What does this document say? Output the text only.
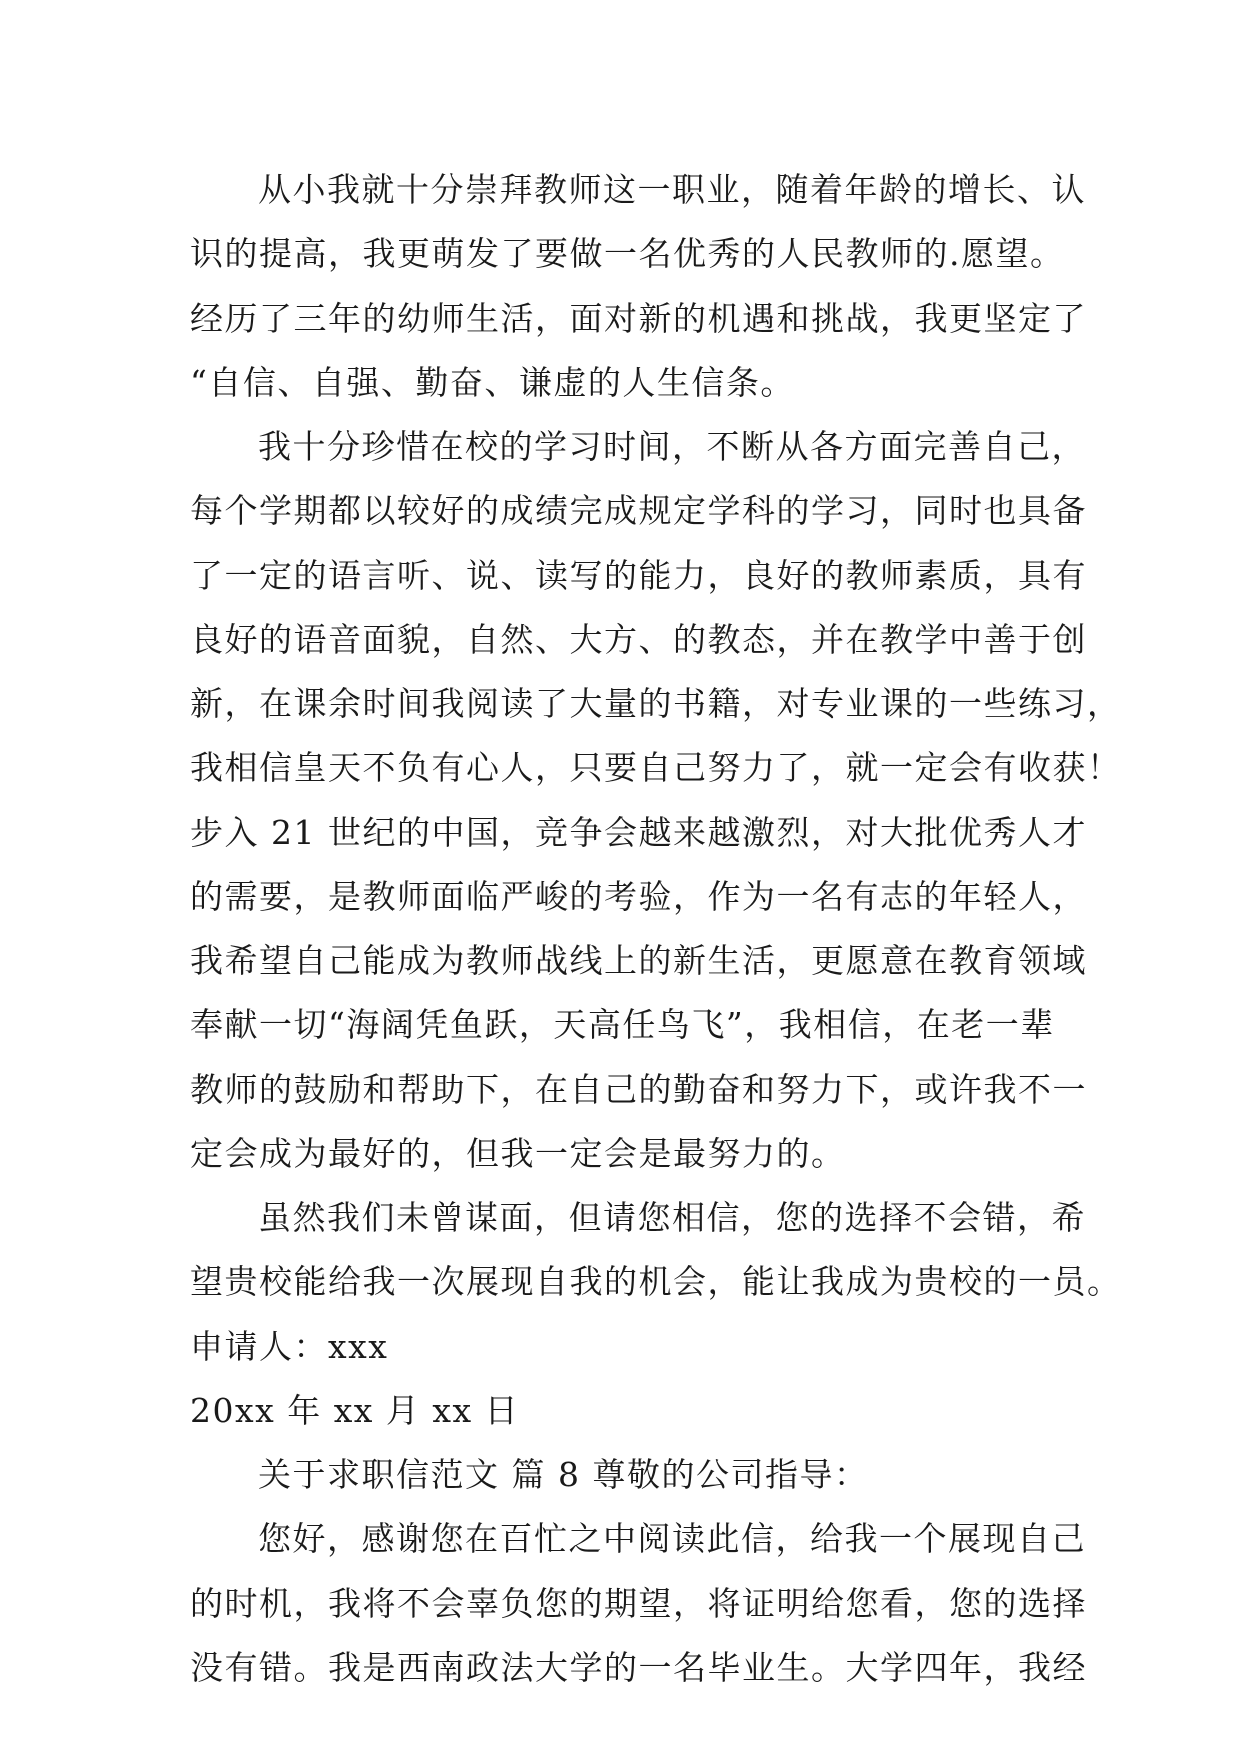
从小我就十分崇拜教师这一职业，随着年龄的增长、认
识的提高，我更萌发了要做一名优秀的人民教师的.愿望。
经历了三年的幼师生活，面对新的机遇和挑战，我更坚定了
“自信、自强、勤奋、谦虚的人生信条。
我十分珍惜在校的学习时间，不断从各方面完善自己，
每个学期都以较好的成绩完成规定学科的学习，同时也具备
了一定的语言听、说、读写的能力，良好的教师素质，具有
良好的语音面貌，自然、大方、的教态，并在教学中善于创
新，在课余时间我阅读了大量的书籍，对专业课的一些练习，
我相信皇天不负有心人，只要自己努力了，就一定会有收获！
步入 21 世纪的中国，竞争会越来越激烈，对大批优秀人才
的需要，是教师面临严峻的考验，作为一名有志的年轻人，
我希望自己能成为教师战线上的新生活，更愿意在教育领域
奉献一切“海阔凭鱼跃，天高任鸟飞”，我相信，在老一辈
教师的鼓励和帮助下，在自己的勤奋和努力下，或许我不一
定会成为最好的，但我一定会是最努力的。
虽然我们未曾谋面，但请您相信，您的选择不会错，希
望贵校能给我一次展现自我的机会，能让我成为贵校的一员。
申请人：xxx
20xx 年 xx 月 xx 日
关于求职信范文 篇 8 尊敬的公司指导：
您好，感谢您在百忙之中阅读此信，给我一个展现自己
的时机，我将不会辜负您的期望，将证明给您看，您的选择
没有错。我是西南政法大学的一名毕业生。大学四年，我经
